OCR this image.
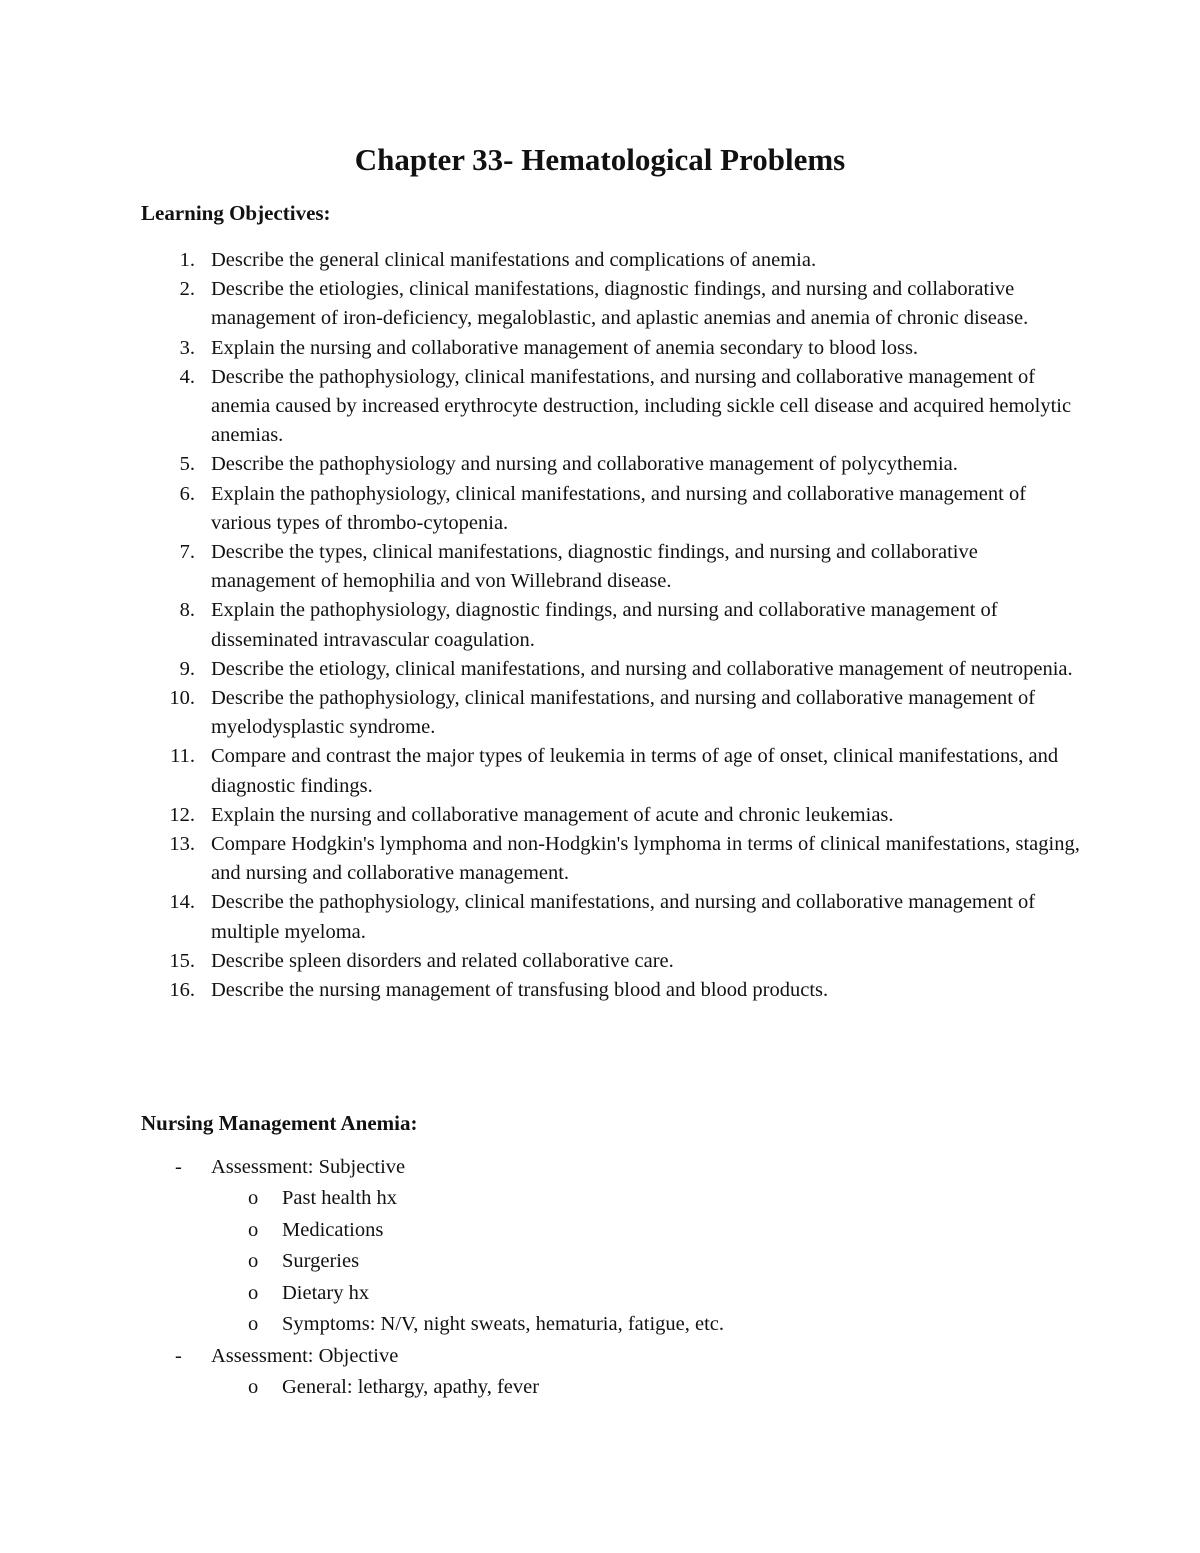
Chapter 33- Hematological Problems
Learning Objectives:
1. Describe the general clinical manifestations and complications of anemia.
2. Describe the etiologies, clinical manifestations, diagnostic findings, and nursing and collaborative management of iron-deficiency, megaloblastic, and aplastic anemias and anemia of chronic disease.
3. Explain the nursing and collaborative management of anemia secondary to blood loss.
4. Describe the pathophysiology, clinical manifestations, and nursing and collaborative management of anemia caused by increased erythrocyte destruction, including sickle cell disease and acquired hemolytic anemias.
5. Describe the pathophysiology and nursing and collaborative management of polycythemia.
6. Explain the pathophysiology, clinical manifestations, and nursing and collaborative management of various types of thrombo-cytopenia.
7. Describe the types, clinical manifestations, diagnostic findings, and nursing and collaborative management of hemophilia and von Willebrand disease.
8. Explain the pathophysiology, diagnostic findings, and nursing and collaborative management of disseminated intravascular coagulation.
9. Describe the etiology, clinical manifestations, and nursing and collaborative management of neutropenia.
10. Describe the pathophysiology, clinical manifestations, and nursing and collaborative management of myelodysplastic syndrome.
11. Compare and contrast the major types of leukemia in terms of age of onset, clinical manifestations, and diagnostic findings.
12. Explain the nursing and collaborative management of acute and chronic leukemias.
13. Compare Hodgkin's lymphoma and non-Hodgkin's lymphoma in terms of clinical manifestations, staging, and nursing and collaborative management.
14. Describe the pathophysiology, clinical manifestations, and nursing and collaborative management of multiple myeloma.
15. Describe spleen disorders and related collaborative care.
16. Describe the nursing management of transfusing blood and blood products.
Nursing Management Anemia:
- Assessment: Subjective
o Past health hx
o Medications
o Surgeries
o Dietary hx
o Symptoms: N/V, night sweats, hematuria, fatigue, etc.
- Assessment: Objective
o General: lethargy, apathy, fever
